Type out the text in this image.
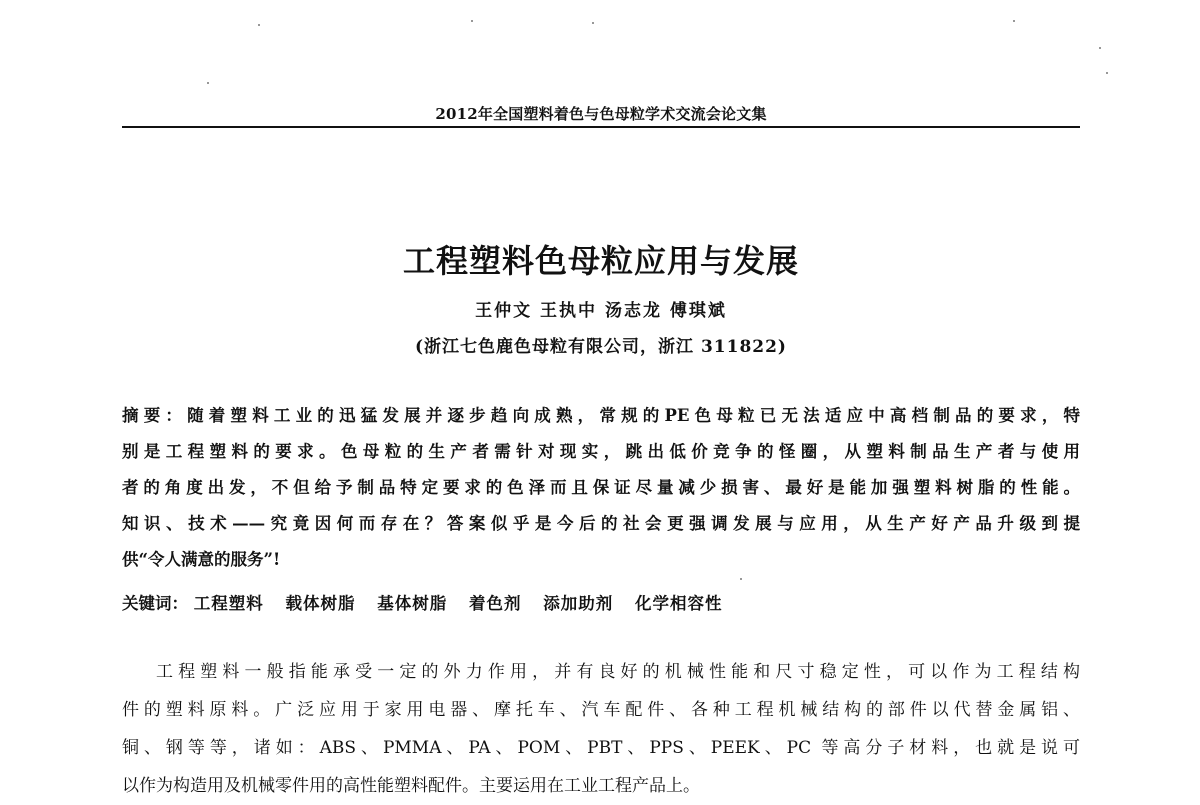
2012年全国塑料着色与色母粒学术交流会论文集
工程塑料色母粒应用与发展
王仲文 王执中 汤志龙 傅琪斌
(浙江七色鹿色母粒有限公司，浙江 311822)
摘要：随着塑料工业的迅猛发展并逐步趋向成熟，常规的PE色母粒已无法适应中高档制品的要求，特
别是工程塑料的要求。色母粒的生产者需针对现实，跳出低价竞争的怪圈，从塑料制品生产者与使用
者的角度出发，不但给予制品特定要求的色泽而且保证尽量减少损害、最好是能加强塑料树脂的性能。
知识、技术——究竟因何而存在？答案似乎是今后的社会更强调发展与应用，从生产好产品升级到提
供“令人满意的服务”!
关键词： 工程塑料 载体树脂 基体树脂 着色剂 添加助剂 化学相容性
工程塑料一般指能承受一定的外力作用，并有良好的机械性能和尺寸稳定性，可以作为工程结构
件的塑料原料。广泛应用于家用电器、摩托车、汽车配件、各种工程机械结构的部件以代替金属铝、
铜、钢等等，诸如：ABS、PMMA、PA、POM、PBT、PPS、PEEK、PC 等高分子材料，也就是说可
以作为构造用及机械零件用的高性能塑料配件。主要运用在工业工程产品上。
